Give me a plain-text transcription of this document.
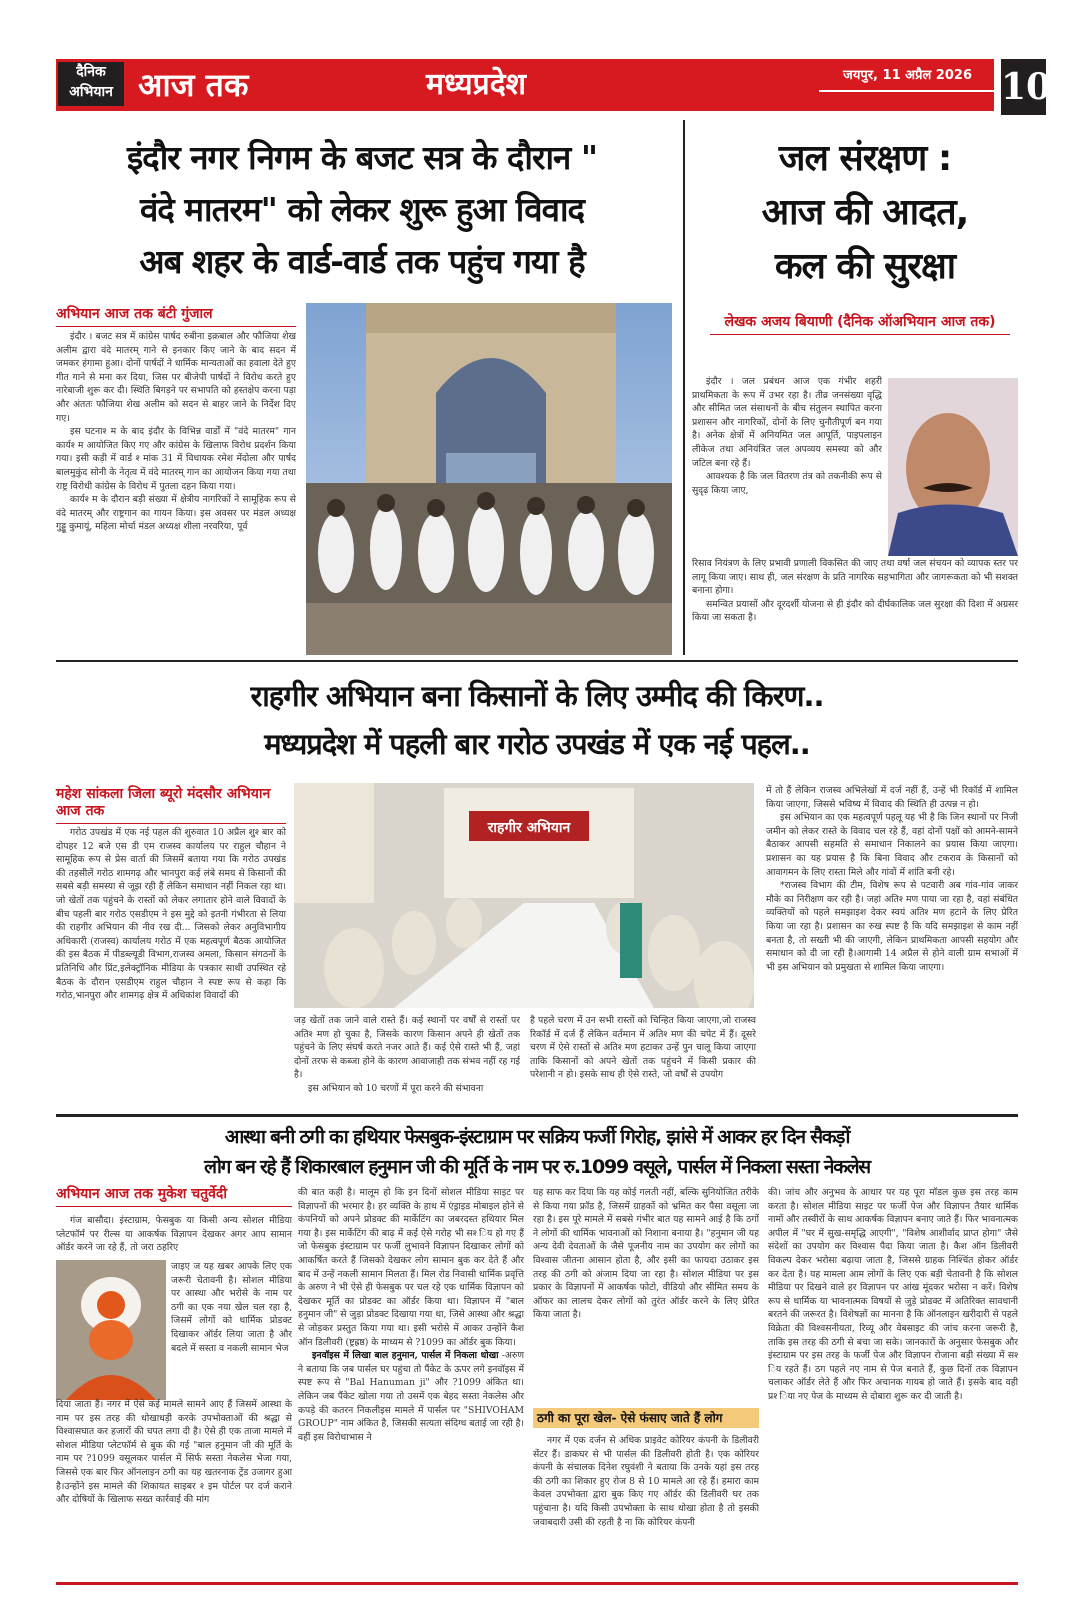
दैनिक
अभियान आज तक	मध्यप्रदेश	जयपुर, 11 अप्रैल 2026 10
इंदौर नगर निगम के बजट सत्र के दौरान "
वंदे मातरम" को लेकर शुरू हुआ विवाद
अब शहर के वार्ड-वार्ड तक पहुंच गया है
अभियान आज तक बंटी गुंजाल

इंदौर । बजट सत्र में कांग्रेस पार्षद रुबीना इक़बाल और फौजिया शेख अलीम द्वारा वंदे मातरम् गाने से इनकार किए जाने के बाद सदन में जमकर हंगामा हुआ। दोनों पार्षदों ने धार्मिक मान्यताओं का हवाला देते हुए गीत गाने से मना कर दिया, जिस पर बीजेपी पार्षदों ने विरोध करते हुए नारेबाजी शुरू कर दी। स्थिति बिगड़ने पर सभापति को हस्तक्षेप करना पड़ा और अंततः फौजिया शेख अलीम को सदन से बाहर जाने के निर्देश दिए गए।

इस घटनाश्‍ म के बाद इंदौर के विभिन्न वार्डों में "वंदे मातरम" गान कार्यश्‍ म आयोजित किए गए और कांग्रेस के खिलाफ विरोध प्रदर्शन किया गया। इसी कड़ी में वार्ड श्‍ मांक 31 में विधायक रमेश मेंदोला और पार्षद बालमुकुंद सोनी के नेतृत्व में वंदे मातरम् गान का आयोजन किया गया तथा राष्ट्र विरोधी कांग्रेस के विरोध में पुतला दहन किया गया।

कार्यश्‍ म के दौरान बड़ी संख्या में क्षेत्रीय नागरिकों ने सामूहिक रूप से वंदे मातरम् और राष्ट्रगान का गायन किया। इस अवसर पर मंडल अध्यक्ष गुड्डू कुमायूं, महिला मोर्चा मंडल अध्यक्ष शीला नरवरिया, पूर्व

जल संरक्षण :
आज की आदत,
कल की सुरक्षा
लेखक अजय बियाणी (दैनिक ऑअभियान आज तक)

इंदौर । जल प्रबंधन आज एक गंभीर शहरी प्राथमिकता के रूप में उभर रहा है। तीव्र जनसंख्या वृद्धि और सीमित जल संसाधनों के बीच संतुलन स्थापित करना प्रशासन और नागरिकों, दोनों के लिए चुनौतीपूर्ण बन गया है। अनेक क्षेत्रों में अनियमित जल आपूर्ति, पाइपलाइन लीकेज तथा अनियंत्रित जल अपव्यय समस्या को और जटिल बना रहे हैं।

आवश्यक है कि जल वितरण तंत्र को तकनीकी रूप से सुदृढ़ किया जाए,

रिसाव नियंत्रण के लिए प्रभावी प्रणाली विकसित की जाए तथा वर्षा जल संचयन को व्यापक स्तर पर लागू किया जाए। साथ ही, जल संरक्षण के प्रति नागरिक सहभागिता और जागरूकता को भी सशक्त बनाना होगा।

समन्वित प्रयासों और दूरदर्शी योजना से ही इंदौर को दीर्घकालिक जल सुरक्षा की दिशा में अग्रसर किया जा सकता है।

राहगीर अभियान बना किसानों के लिए उम्मीद की किरण..
मध्यप्रदेश में पहली बार गरोठ उपखंड में एक नई पहल..
महेश सांकला जिला ब्यूरो मंदसौर अभियान आज तक

गरोठ उपखंड में एक नई पहल की शुरुवात 10 अप्रैल शुश्‍ बार को दोपहर 12 बजे एस डी एम राजस्व कार्यालय पर राहुल चौहान ने सामूहिक रूप से प्रेस वार्ता की जिसमें बताया गया कि गरोठ उपखंड की तहसीलें गरोठ शामगढ़ और भानपुरा कई लंबे समय से किसानों की सबसे बड़ी समस्या से जूझ रही हैं लेकिन समाधान नहीं निकल रहा था। जो खेतों तक पहुंचने के रास्तों को लेकर लगातार होने वाले विवादों के बीच पहली बार गरोठ एसडीएम ने इस मुद्दे को इतनी गंभीरता से लिया की राहगीर अभियान की नीव रख दी... जिसको लेकर अनुविभागीय अधिकारी (राजस्व) कार्यालय गरोठ में एक महत्वपूर्ण बैठक आयोजित की इस बैठक में पीडब्ल्यूडी विभाग,राजस्व अमला, किसान संगठनों के प्रतिनिधि और प्रिंट,इलेक्ट्रॉनिक मीडिया के पत्रकार साथी उपस्थित रहे बैठक के दौरान एसडीएम राहुल चौहान ने स्पष्ट रूप से कहा कि गरोठ,भानपुरा और शामगढ़ क्षेत्र में अधिकांश विवादों की

राहगीर अभियान

जड़ खेतों तक जाने वाले रास्ते हैं। कई स्थानों पर वर्षों से रास्तों पर अतिश्‍ मण हो चुका है, जिसके कारण किसान अपने ही खेतों तक पहुंचने के लिए संघर्ष करते नजर आते हैं। कई ऐसे रास्ते भी हैं, जहां दोनों तरफ से कब्जा होने के कारण आवाजाही तक संभव नहीं रह गई है।

इस अभियान को 10 चरणों में पूरा करने की संभावना

है पहले चरण में उन सभी रास्तों को चिन्हित किया जाएगा,जो राजस्व रिकॉर्ड में दर्ज हैं लेकिन वर्तमान में अतिश्‍ मण की चपेट में हैं। दूसरे चरण में ऐसे रास्तों से अतिश्‍ मण हटाकर उन्हें पुन चालू किया जाएगा ताकि किसानों को अपने खेतों तक पहुंचने में किसी प्रकार की परेशानी न हो। इसके साथ ही ऐसे रास्ते, जो वर्षों से उपयोग

में तो हैं लेकिन राजस्व अभिलेखों में दर्ज नहीं हैं, उन्हें भी रिकॉर्ड में शामिल किया जाएगा, जिससे भविष्य में विवाद की स्थिति ही उत्पन्न न हो।

इस अभियान का एक महत्वपूर्ण पहलू यह भी है कि जिन स्थानों पर निजी जमीन को लेकर रास्ते के विवाद चल रहे हैं, वहां दोनों पक्षों को आमने-सामने बैठाकर आपसी सहमति से समाधान निकालने का प्रयास किया जाएगा। प्रशासन का यह प्रयास है कि बिना विवाद और टकराव के किसानों को आवागमन के लिए रास्ता मिले और गांवों में शांति बनी रहे।

*राजस्व विभाग की टीम, विशेष रूप से पटवारी अब गांव-गांव जाकर मौके का निरीक्षण कर रही है। जहां अतिश्‍ मण पाया जा रहा है, वहां संबंधित व्यक्तियों को पहले समझाइश देकर स्वयं अतिश्‍ मण हटाने के लिए प्रेरित किया जा रहा है। प्रशासन का रुख स्पष्ट है कि यदि समझाइश से काम नहीं बनता है, तो सख्ती भी की जाएगी, लेकिन प्राथमिकता आपसी सहयोग और समाधान को दी जा रही है।आगामी 14 अप्रैल से होने वाली ग्राम सभाओं में भी इस अभियान को प्रमुखता से शामिल किया जाएगा।

आस्था बनी ठगी का हथियार फेसबुक-इंस्टाग्राम पर सक्रिय फर्जी गिरोह, झांसे में आकर हर दिन सैकड़ों
लोग बन रहे हैं शिकारबाल हनुमान जी की मूर्ति के नाम पर रु.1099 वसूले, पार्सल में निकला सस्ता नेकलेस
अभियान आज तक मुकेश चतुर्वेदी

गंज बासौदा। इंस्टाग्राम, फेसबुक या किसी अन्य सोशल मीडिया प्लेटफॉर्म पर रील्स या आकर्षक विज्ञापन देखकर अगर आप सामान ऑर्डर करने जा रहे हैं, तो जरा ठहरिए

जाइए ज यह खबर आपके लिए एक जरूरी चेतावनी है। सोशल मीडिया पर आस्था और भरोसे के नाम पर ठगी का एक नया खेल चल रहा है, जिसमें लोगों को धार्मिक प्रोडक्ट दिखाकर ऑर्डर लिया जाता है और बदले में सस्ता व नकली सामान भेज

दिया जाता है। नगर में ऐसे कई मामले सामने आए हैं जिसमें आस्था के नाम पर इस तरह की धोखाधड़ी करके उपभोक्ताओं की श्रद्धा से विश्वासघात कर हजारों की चपत लगा दी है। ऐसे ही एक ताजा मामले में सोशल मीडिया प्लेटफॉर्म से बुक की गई "बाल हनुमान जी की मूर्ति के नाम पर ?1099 वसूलकर पार्सल में सिर्फ सस्ता नेकलेस भेजा गया, जिससे एक बार फिर ऑनलाइन ठगी का यह खतरनाक ट्रेंड उजागर हुआ है।उन्होंने इस मामले की शिकायत साइबर श्‍ इम पोर्टल पर दर्ज कराने और दोषियों के खिलाफ सख्त कार्रवाई की मांग

की बात कही है। मालूम हो कि इन दिनों सोशल मीडिया साइट पर विज्ञापनों की भरमार है। हर व्यक्ति के हाथ में एंड्राइड मोबाइल होने से कंपनियों को अपने प्रोडक्ट की मार्केटिंग का जबरदस्त हथियार मिल गया है। इस मार्केटिंग की बाढ़ में कई ऐसे गरोह भी सश्‍ िय हो गए हैं जो फेसबुक इंस्टाग्राम पर फर्जी लुभावने विज्ञापन दिखाकर लोगों को आकर्षित करते हैं जिसको देखकर लोग सामान बुक कर देते हैं और बाद में उन्हें नकली सामान मिलता हैं। मिल रोड निवासी धार्मिक प्रवृत्ति के अरुण ने भी ऐसे ही फेसबुक पर चल रहे एक धार्मिक विज्ञापन को देखकर मूर्ति का प्रोडक्ट का ऑर्डर किया था। विज्ञापन में "बाल हनुमान जी" से जुड़ा प्रोडक्ट दिखाया गया था, जिसे आस्था और श्रद्धा से जोड़कर प्रस्तुत किया गया था। इसी भरोसे में आकर उन्होंने कैश ऑन डिलीवरी (ष्ट्रह्रष्ठ) के माध्यम से ?1099 का ऑर्डर बुक किया।

इनवॉइस में लिखा बाल हनुमान, पार्सल में निकला धोखा -अरुण ने बताया कि जब पार्सल घर पहुंचा तो पैंकेट के ऊपर लगे इनवॉइस में स्पष्ट रूप से "Bal Hanuman ji" और ?1099 अंकित था। लेकिन जब पैंकेट खोला गया तो उसमें एक बेहद सस्ता नेकलेस और कपड़े की कतरन निकलीइस मामले में पार्सल पर "SHIVOHAM GROUP" नाम अंकित है, जिसकी सत्यता संदिग्ध बताई जा रही है। वहीं इस विरोधाभास ने

यह साफ कर दिया कि यह कोई गलती नहीं, बल्कि सुनियोजित तरीके से किया गया फ्रॉड है, जिसमें ग्राहकों को भ्रमित कर पैसा वसूला जा रहा है। इस पूरे मामले में सबसे गंभीर बात यह सामने आई है कि ठगों ने लोगों की धार्मिक भावनाओं को निशाना बनाया है। "हनुमान जी यह अन्य देवी देवताओं के जैसे पूजनीय नाम का उपयोग कर लोगों का विश्वास जीतना आसान होता है, और इसी का फायदा उठाकर इस तरह की ठगी को अंजाम दिया जा रहा है। सोशल मीडिया पर इस प्रकार के विज्ञापनों में आकर्षक फोटो, वीडियो और सीमित समय के ऑफर का लालच देकर लोगों को तुरंत ऑर्डर करने के लिए प्रेरित किया जाता है।

ठगी का पूरा खेल- ऐसे फंसाए जाते हैं लोग

नगर में एक दर्जन से अधिक प्राइवेट कोरियर कंपनी के डिलीवरी सेंटर हैं। डाकघर से भी पार्सल की डिलीवरी होती है। एक कोरियर कंपनी के संचालक दिनेश रघुवंशी ने बताया कि उनके यहां इस तरह की ठगी का शिकार हुए रोज 8 से 10 मामले आ रहे हैं। हमारा काम केवल उपभोक्ता द्वारा बुक किए गए ऑर्डर की डिलीवरी घर तक पहुंचाना है। यदि किसी उपभोक्ता के साथ धोखा होता है तो इसकी जवाबदारी उसी की रहती है ना कि कोरियर कंपनी

की। जांच और अनुभव के आधार पर यह पूरा मॉडल कुछ इस तरह काम करता है। सोशल मीडिया साइट पर फर्जी पेज और विज्ञापन तैयार धार्मिक नामों और तस्वीरों के साथ आकर्षक विज्ञापन बनाए जाते हैं। फिर भावनात्मक अपील में "घर में सुख-समृद्धि आएगी", "विशेष आशीर्वाद प्राप्त होगा" जैसे संदेशों का उपयोग कर विश्वास पैदा किया जाता है। कैश ऑन डिलीवरी विकल्प देकर भरोसा बढ़ाया जाता है, जिससे ग्राहक निश्चिंत होकर ऑर्डर कर देता है। यह मामला आम लोगों के लिए एक बड़ी चेतावनी है कि सोशल मीडिया पर दिखने वाले हर विज्ञापन पर आंख मूंदकर भरोसा न करें। विशेष रूप से धार्मिक या भावनात्मक विषयों से जुड़े प्रोडक्ट में अतिरिक्त सावधानी बरतने की जरूरत है। विशेषज्ञों का मानना है कि ऑनलाइन खरीदारी से पहले विक्रेता की विश्वसनीयता, रिव्यू और वेबसाइट की जांच करना जरूरी है, ताकि इस तरह की ठगी से बचा जा सके। जानकारों के अनुसार फेसबुक और इंस्टाग्राम पर इस तरह के फर्जी पेज और विज्ञापन रोजाना बड़ी संख्या में सश्‍ िय रहते हैं। ठग पहले नए नाम से पेज बनाते हैं, कुछ दिनों तक विज्ञापन चलाकर ऑर्डर लेते हैं और फिर अचानक गायब हो जाते हैं। इसके बाद वही प्रश्‍ िया नए पेज के माध्यम से दोबारा शुरू कर दी जाती है।
